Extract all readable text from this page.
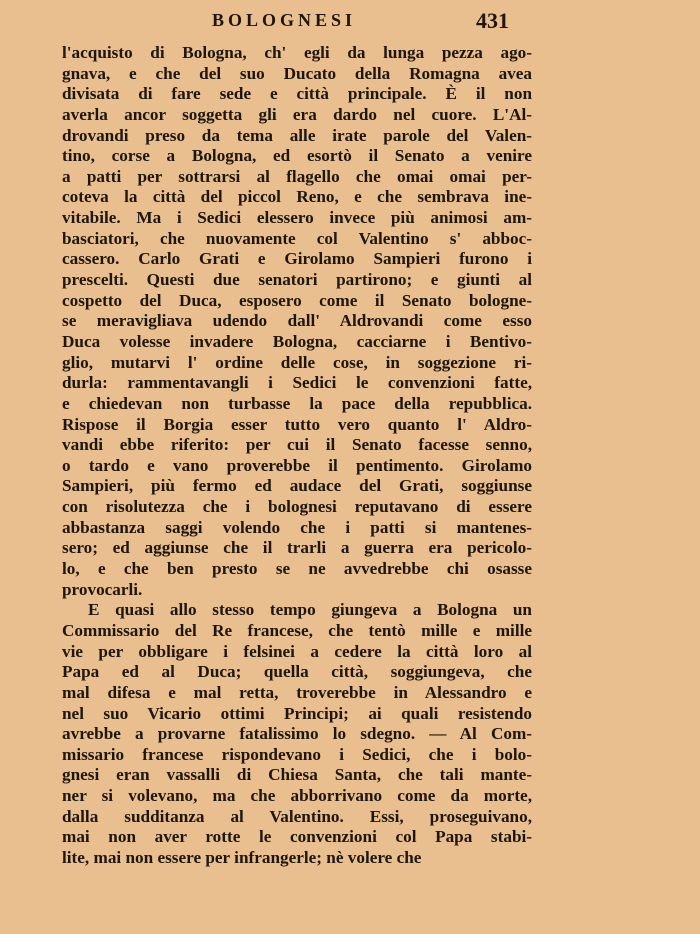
BOLOGNESI	431
l'acquisto di Bologna, ch' egli da lunga pezza ago-
gnava, e che del suo Ducato della Romagna avea
divisata di fare sede e città principale. È il non
averla ancor soggetta gli era dardo nel cuore. L'Al-
drovandi preso da tema alle irate parole del Valen-
tino, corse a Bologna, ed esortò il Senato a venire
a patti per sottrarsi al flagello che omai omai per-
coteva la città del piccol Reno, e che sembrava ine-
vitabile. Ma i Sedici elessero invece più animosi am-
basciatori, che nuovamente col Valentino s' abboc-
cassero. Carlo Grati e Girolamo Sampieri furono i
prescelti. Questi due senatori partirono; e giunti al
cospetto del Duca, esposero come il Senato bologne-
se meravigliava udendo dall' Aldrovandi come esso
Duca volesse invadere Bologna, cacciarne i Bentivo-
glio, mutarvi l' ordine delle cose, in soggezione ri-
durla: rammentavangli i Sedici le convenzioni fatte,
e chiedevan non turbasse la pace della repubblica.
Rispose il Borgia esser tutto vero quanto l' Aldro-
vandi ebbe riferito: per cui il Senato facesse senno,
o tardo e vano proverebbe il pentimento. Girolamo
Sampieri, più fermo ed audace del Grati, soggiunse
con risolutezza che i bolognesi reputavano di essere
abbastanza saggi volendo che i patti si mantenes-
sero; ed aggiunse che il trarli a guerra era pericolo-
lo, e che ben presto se ne avvedrebbe chi osasse
provocarli.
E quasi allo stesso tempo giungeva a Bologna un
Commissario del Re francese, che tentò mille e mille
vie per obbligare i felsinei a cedere la città loro al
Papa ed al Duca; quella città, soggiungeva, che
mal difesa e mal retta, troverebbe in Alessandro e
nel suo Vicario ottimi Principi; ai quali resistendo
avrebbe a provarne fatalissimo lo sdegno. — Al Com-
missario francese rispondevano i Sedici, che i bolo-
gnesi eran vassalli di Chiesa Santa, che tali mante-
ner si volevano, ma che abborrivano come da morte,
dalla sudditanza al Valentino. Essi, proseguivano,
mai non aver rotte le convenzioni col Papa stabi-
lite, mai non essere per infrangerle; nè volere che
